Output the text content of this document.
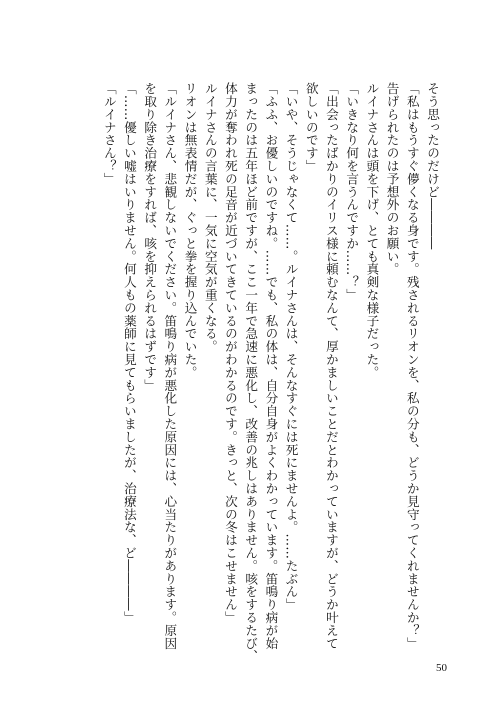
そう思ったのだけど――――
「私はもうすぐ儚くなる身です。残されるリオンを、私の分も、どうか見守ってくれませんか？」
告げられたのは予想外のお願い。
ルイナさんは頭を下げ、とても真剣な様子だった。
「いきなり何を言うんですか……？」
「出会ったばかりのイリス様に頼むなんて、厚かましいことだとわかっていますが、どうか叶えて
欲しいのです」
「いや、そうじゃなくて……。ルイナさんは、そんなすぐには死にませんよ。……たぶん」
「ふふ、お優しいのですね。……でも、私の体は、自分自身がよくわかっています。笛鳴り病が始
まったのは五年ほど前ですが、ここ一年で急速に悪化し、改善の兆しはありません。咳をするたび、
体力が奪われ死の足音が近づいてきているのがわかるのです。きっと、次の冬はこせません」
ルイナさんの言葉に、一気に空気が重くなる。
リオンは無表情だが、ぐっと拳を握り込んでいた。
「ルイナさん、悲観しないでください。笛鳴り病が悪化した原因には、心当たりがあります。原因
を取り除き治療をすれば、咳を抑えられるはずです」
「……優しい嘘はいりません。何人もの薬師に見てもらいましたが、治療法な、ど――――」
「ルイナさん？」
50
